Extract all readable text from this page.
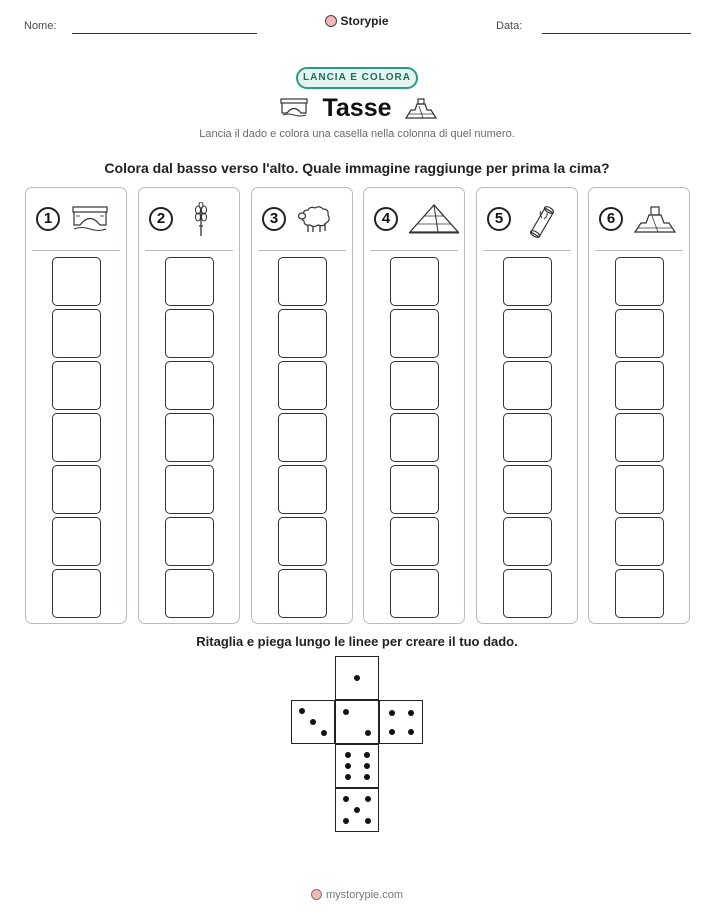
Nome:	Storypie	Data:
LANCIA E COLORA
Tasse
Lancia il dado e colora una casella nella colonna di quel numero.
Colora dal basso verso l'alto. Quale immagine raggiunge per prima la cima?
1	2	3	4	5	6
Ritaglia e piega lungo le linee per creare il tuo dado.
mystorypie.com
